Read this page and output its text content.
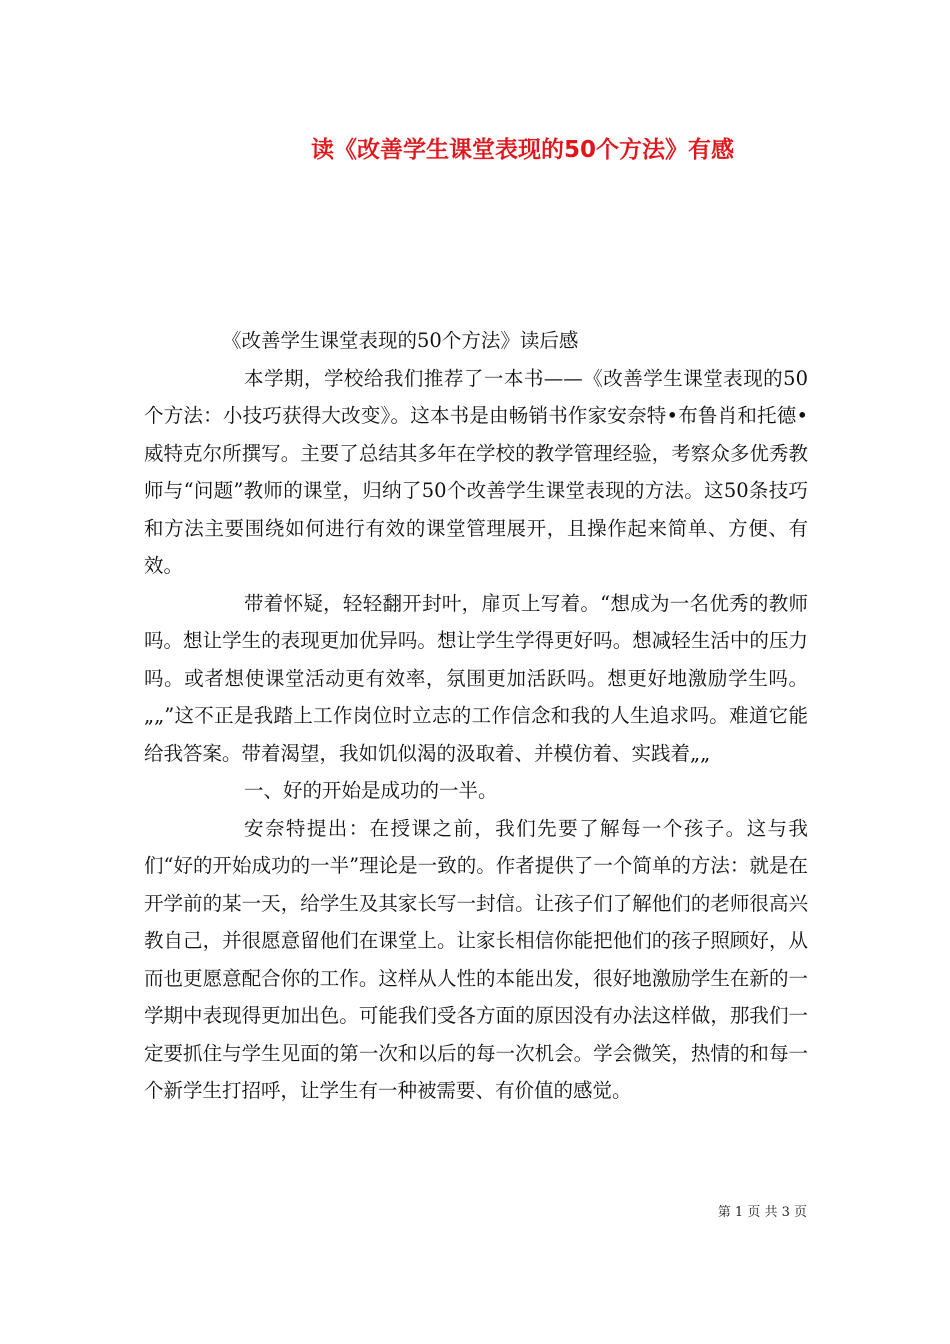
读《改善学生课堂表现的50个方法》有感

《改善学生课堂表现的50个方法》读后感

本学期，学校给我们推荐了一本书——《改善学生课堂表现的50个方法：小技巧获得大改变》。这本书是由畅销书作家安奈特•布鲁肖和托德•威特克尔所撰写。主要了总结其多年在学校的教学管理经验，考察众多优秀教师与“问题”教师的课堂，归纳了50个改善学生课堂表现的方法。这50条技巧和方法主要围绕如何进行有效的课堂管理展开，且操作起来简单、方便、有效。

带着怀疑，轻轻翻开封叶，扉页上写着。“想成为一名优秀的教师吗。想让学生的表现更加优异吗。想让学生学得更好吗。想减轻生活中的压力吗。或者想使课堂活动更有效率，氛围更加活跃吗。想更好地激励学生吗。„„”这不正是我踏上工作岗位时立志的工作信念和我的人生追求吗。难道它能给我答案。带着渴望，我如饥似渴的汲取着、并模仿着、实践着„„

一、好的开始是成功的一半。

安奈特提出：在授课之前，我们先要了解每一个孩子。这与我们“好的开始成功的一半”理论是一致的。作者提供了一个简单的方法：就是在开学前的某一天，给学生及其家长写一封信。让孩子们了解他们的老师很高兴教自己，并很愿意留他们在课堂上。让家长相信你能把他们的孩子照顾好，从而也更愿意配合你的工作。这样从人性的本能出发，很好地激励学生在新的一学期中表现得更加出色。可能我们受各方面的原因没有办法这样做，那我们一定要抓住与学生见面的第一次和以后的每一次机会。学会微笑，热情的和每一个新学生打招呼，让学生有一种被需要、有价值的感觉。

第 1 页 共 3 页
